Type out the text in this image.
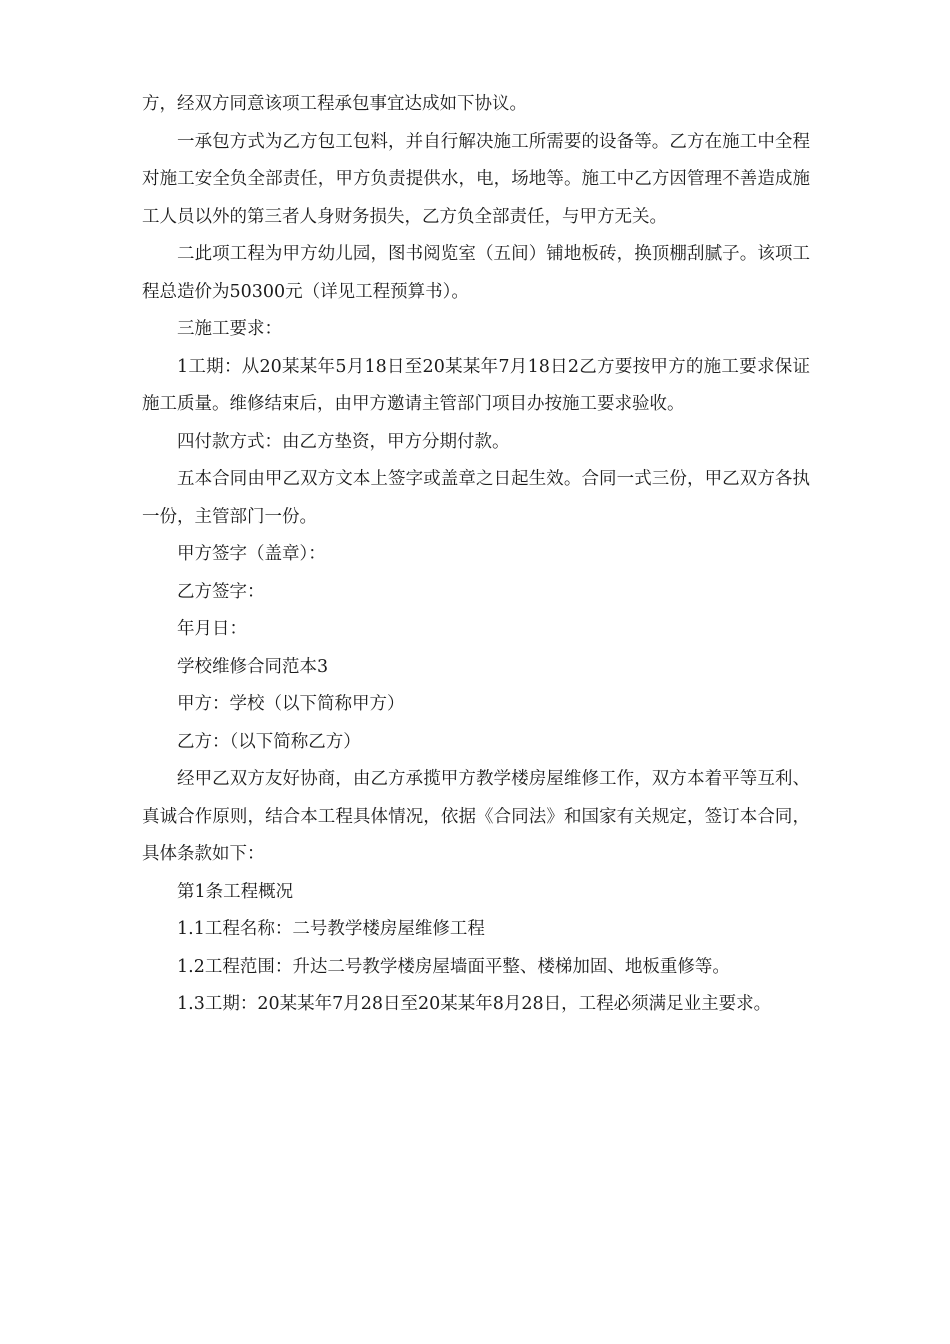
方，经双方同意该项工程承包事宜达成如下协议。

一承包方式为乙方包工包料，并自行解决施工所需要的设备等。乙方在施工中全程对施工安全负全部责任，甲方负责提供水，电，场地等。施工中乙方因管理不善造成施工人员以外的第三者人身财务损失，乙方负全部责任，与甲方无关。

二此项工程为甲方幼儿园，图书阅览室（五间）铺地板砖，换顶棚刮腻子。该项工程总造价为50300元（详见工程预算书）。

三施工要求：

1工期：从20某某年5月18日至20某某年7月18日2乙方要按甲方的施工要求保证施工质量。维修结束后，由甲方邀请主管部门项目办按施工要求验收。

四付款方式：由乙方垫资，甲方分期付款。

五本合同由甲乙双方文本上签字或盖章之日起生效。合同一式三份，甲乙双方各执一份，主管部门一份。

甲方签字（盖章）：

乙方签字：

年月日：

学校维修合同范本3

甲方：学校（以下简称甲方）

乙方：（以下简称乙方）

经甲乙双方友好协商，由乙方承揽甲方教学楼房屋维修工作，双方本着平等互利、真诚合作原则，结合本工程具体情况，依据《合同法》和国家有关规定，签订本合同，具体条款如下：

第1条工程概况

1.1工程名称：二号教学楼房屋维修工程

1.2工程范围：升达二号教学楼房屋墙面平整、楼梯加固、地板重修等。

1.3工期：20某某年7月28日至20某某年8月28日，工程必须满足业主要求。
